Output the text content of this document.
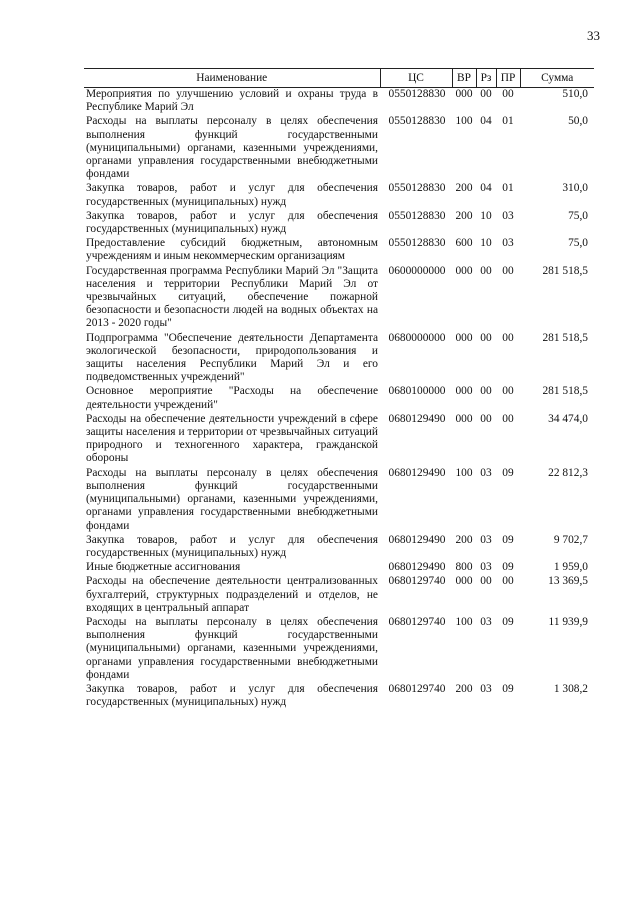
33
Наименование	ЦС	ВР	Рз	ПР	Сумма
Мероприятия по улучшению условий и охраны труда в Республике Марий Эл	0550128830	000	00	00	510,0
Расходы на выплаты персоналу в целях обеспечения выполнения функций государственными (муниципальными) органами, казенными учреждениями, органами управления государственными внебюджетными фондами	0550128830	100	04	01	50,0
Закупка товаров, работ и услуг для обеспечения государственных (муниципальных) нужд	0550128830	200	04	01	310,0
Закупка товаров, работ и услуг для обеспечения государственных (муниципальных) нужд	0550128830	200	10	03	75,0
Предоставление субсидий бюджетным, автономным учреждениям и иным некоммерческим организациям	0550128830	600	10	03	75,0
Государственная программа Республики Марий Эл "Защита населения и территории Республики Марий Эл от чрезвычайных ситуаций, обеспечение пожарной безопасности и безопасности людей на водных объектах на 2013 - 2020 годы"	0600000000	000	00	00	281 518,5
Подпрограмма "Обеспечение деятельности Департамента экологической безопасности, природопользования и защиты населения Республики Марий Эл и его подведомственных учреждений"	0680000000	000	00	00	281 518,5
Основное мероприятие "Расходы на обеспечение деятельности учреждений"	0680100000	000	00	00	281 518,5
Расходы на обеспечение деятельности учреждений в сфере защиты населения и территории от чрезвычайных ситуаций природного и техногенного характера, гражданской обороны	0680129490	000	00	00	34 474,0
Расходы на выплаты персоналу в целях обеспечения выполнения функций государственными (муниципальными) органами, казенными учреждениями, органами управления государственными внебюджетными фондами	0680129490	100	03	09	22 812,3
Закупка товаров, работ и услуг для обеспечения государственных (муниципальных) нужд	0680129490	200	03	09	9 702,7
Иные бюджетные ассигнования	0680129490	800	03	09	1 959,0
Расходы на обеспечение деятельности централизованных бухгалтерий, структурных подразделений и отделов, не входящих в центральный аппарат	0680129740	000	00	00	13 369,5
Расходы на выплаты персоналу в целях обеспечения выполнения функций государственными (муниципальными) органами, казенными учреждениями, органами управления государственными внебюджетными фондами	0680129740	100	03	09	11 939,9
Закупка товаров, работ и услуг для обеспечения государственных (муниципальных) нужд	0680129740	200	03	09	1 308,2
